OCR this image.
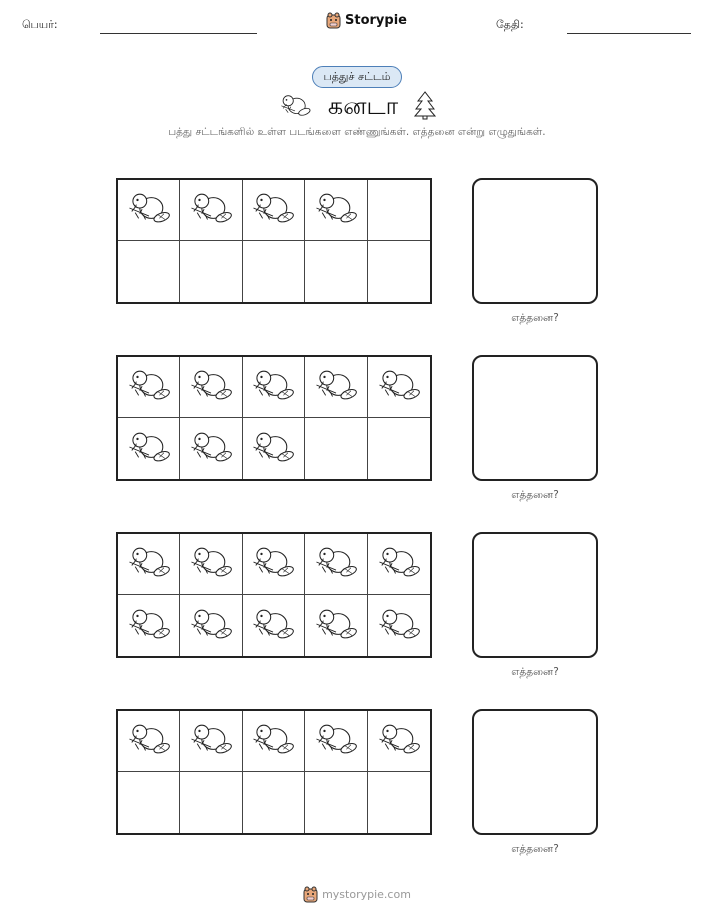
பெயர்:	Storypie	தேதி:
பத்துச் சட்டம்
கனடா
பத்து சட்டங்களில் உள்ள படங்களை எண்ணுங்கள். எத்தனை என்று எழுதுங்கள்.
எத்தனை?
எத்தனை?
எத்தனை?
எத்தனை?
mystorypie.com
